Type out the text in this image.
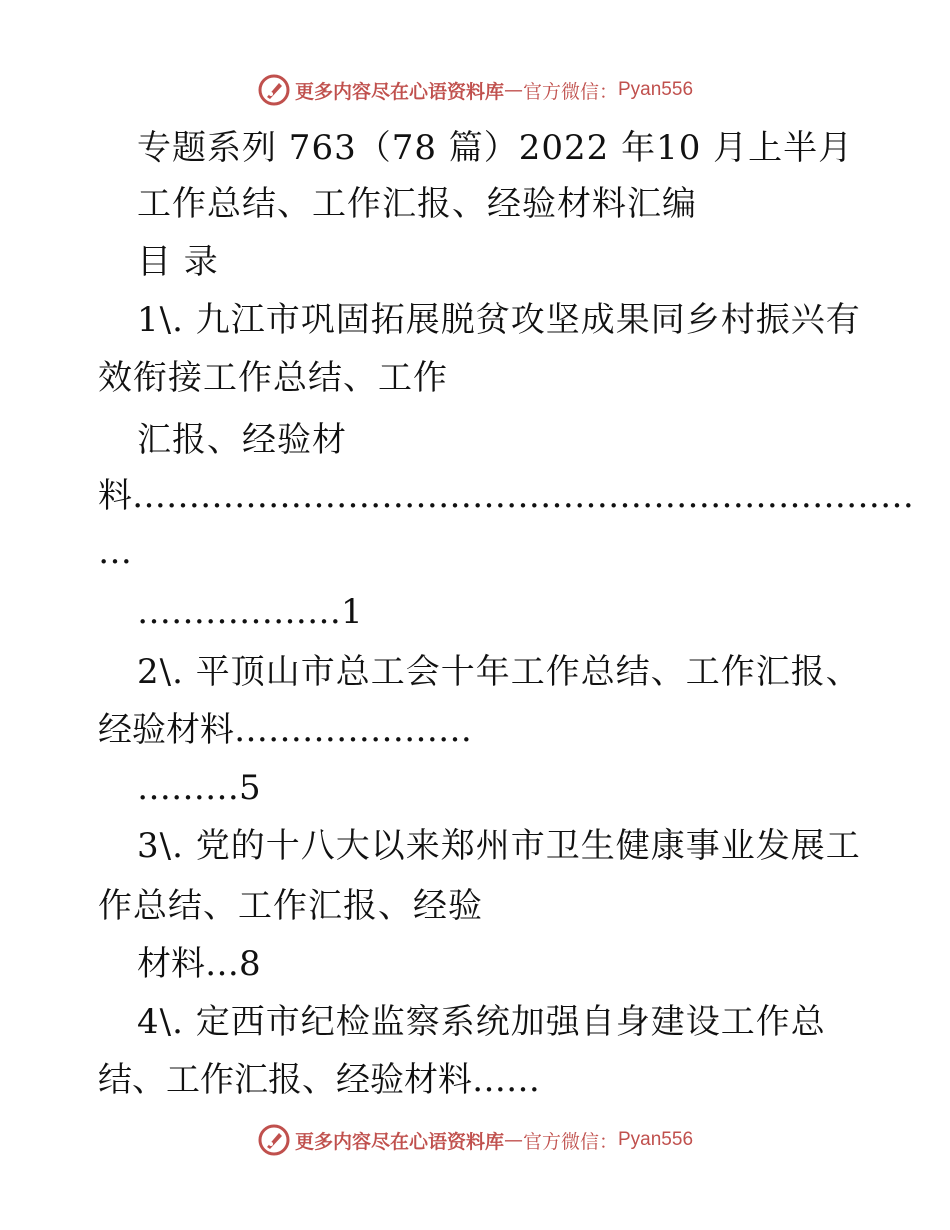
更多内容尽在心语资料库 — 官方微信： Pyan556
专题系列 763（78 篇）2022 年10 月上半月
工作总结、工作汇报、经验材料汇编
目 录
1\. 九江市巩固拓展脱贫攻坚成果同乡村振兴有
效衔接工作总结、工作
汇报、经验材
料……………………………………………………………
…
………………1
2\. 平顶山市总工会十年工作总结、工作汇报、
经验材料…………………
………5
3\. 党的十八大以来郑州市卫生健康事业发展工
作总结、工作汇报、经验
材料…8
4\. 定西市纪检监察系统加强自身建设工作总
结、工作汇报、经验材料……
更多内容尽在心语资料库 — 官方微信： Pyan556
